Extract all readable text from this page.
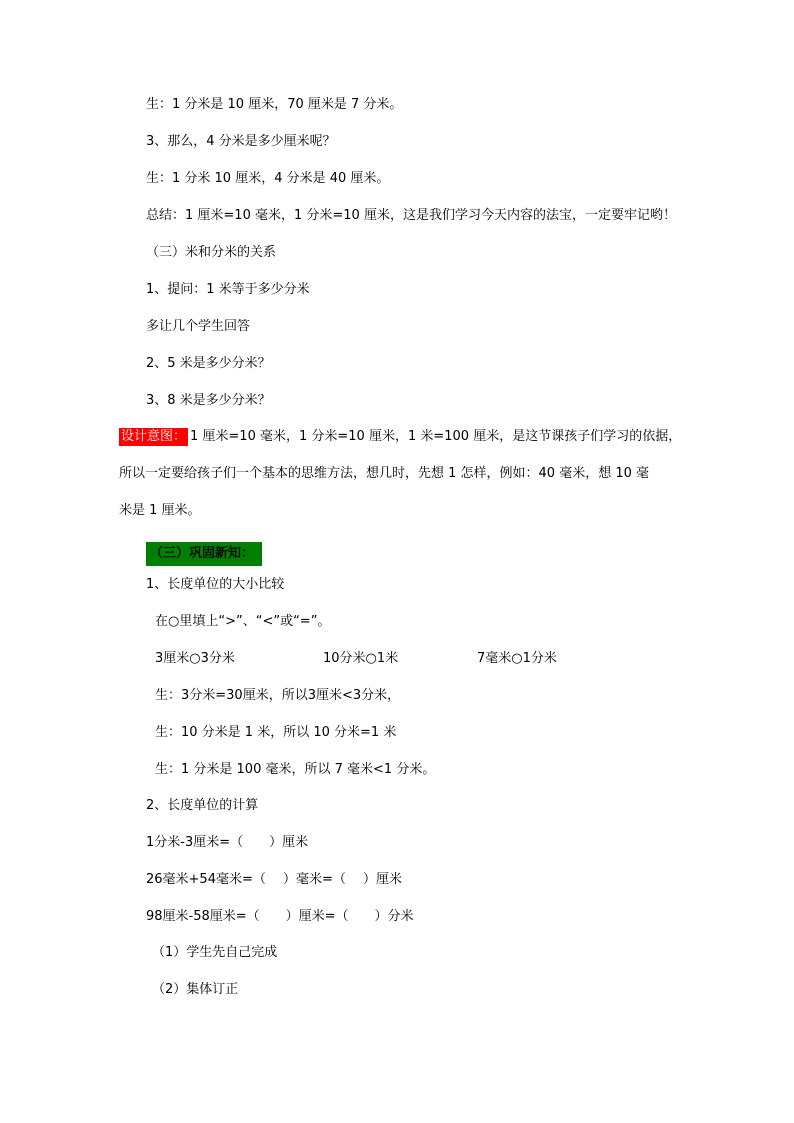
生：1 分米是 10 厘米，70 厘米是 7 分米。
3、那么，4 分米是多少厘米呢？
生：1 分米 10 厘米，4 分米是 40 厘米。
总结：1 厘米=10 毫米，1 分米=10 厘米，这是我们学习今天内容的法宝，一定要牢记哟！
（三）米和分米的关系
1、提问：1 米等于多少分米
多让几个学生回答
2、5 米是多少分米？
3、8 米是多少分米？
设计意图： 1 厘米=10 毫米，1 分米=10 厘米，1 米=100 厘米，是这节课孩子们学习的依据，
所以一定要给孩子们一个基本的思维方法，想几时，先想 1 怎样，例如：40 毫米，想 10 毫
米是 1 厘米。
（三）巩固新知：
1、长度单位的大小比较
在○里填上“>”、“<”或“=”。
3厘米○3分米	10分米○1米	7毫米○1分米
生：3分米=30厘米，所以3厘米<3分米，
生：10 分米是 1 米，所以 10 分米=1 米
生：1 分米是 100 毫米，所以 7 毫米<1 分米。
2、长度单位的计算
1分米-3厘米=（　　）厘米
26毫米+54毫米=（　 ）毫米=（　 ）厘米
98厘米-58厘米=（　　）厘米=（　　）分米
（1）学生先自己完成
（2）集体订正
